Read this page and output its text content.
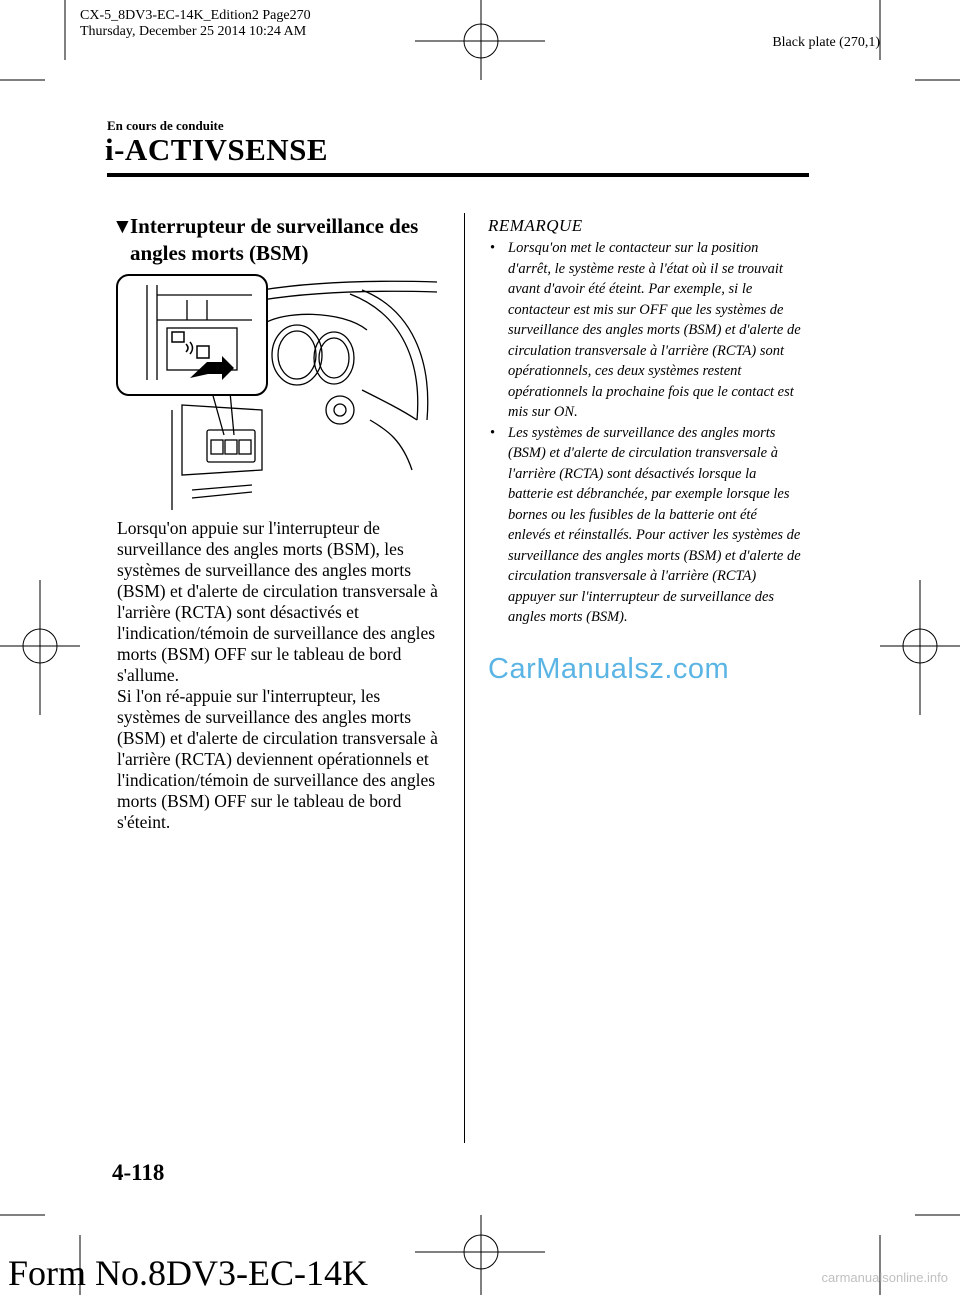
CX-5_8DV3-EC-14K_Edition2 Page270
Thursday, December 25 2014 10:24 AM
Black plate (270,1)
En cours de conduite
i-ACTIVSENSE
▼
Interrupteur de surveillance des angles morts (BSM)

Lorsqu'on appuie sur l'interrupteur de surveillance des angles morts (BSM), les systèmes de surveillance des angles morts (BSM) et d'alerte de circulation transversale à l'arrière (RCTA) sont désactivés et l'indication/témoin de surveillance des angles morts (BSM) OFF sur le tableau de bord s'allume.

Si l'on ré-appuie sur l'interrupteur, les systèmes de surveillance des angles morts (BSM) et d'alerte de circulation transversale à l'arrière (RCTA) deviennent opérationnels et l'indication/témoin de surveillance des angles morts (BSM) OFF sur le tableau de bord s'éteint.

REMARQUE
• Lorsqu'on met le contacteur sur la position d'arrêt, le système reste à l'état où il se trouvait avant d'avoir été éteint. Par exemple, si le contacteur est mis sur OFF que les systèmes de surveillance des angles morts (BSM) et d'alerte de circulation transversale à l'arrière (RCTA) sont opérationnels, ces deux systèmes restent opérationnels la prochaine fois que le contact est mis sur ON.
• Les systèmes de surveillance des angles morts (BSM) et d'alerte de circulation transversale à l'arrière (RCTA) sont désactivés lorsque la batterie est débranchée, par exemple lorsque les bornes ou les fusibles de la batterie ont été enlevés et réinstallés. Pour activer les systèmes de surveillance des angles morts (BSM) et d'alerte de circulation transversale à l'arrière (RCTA) appuyer sur l'interrupteur de surveillance des angles morts (BSM).
CarManualsz.com
4-118
Form No.8DV3-EC-14K	carmanualsonline.info
